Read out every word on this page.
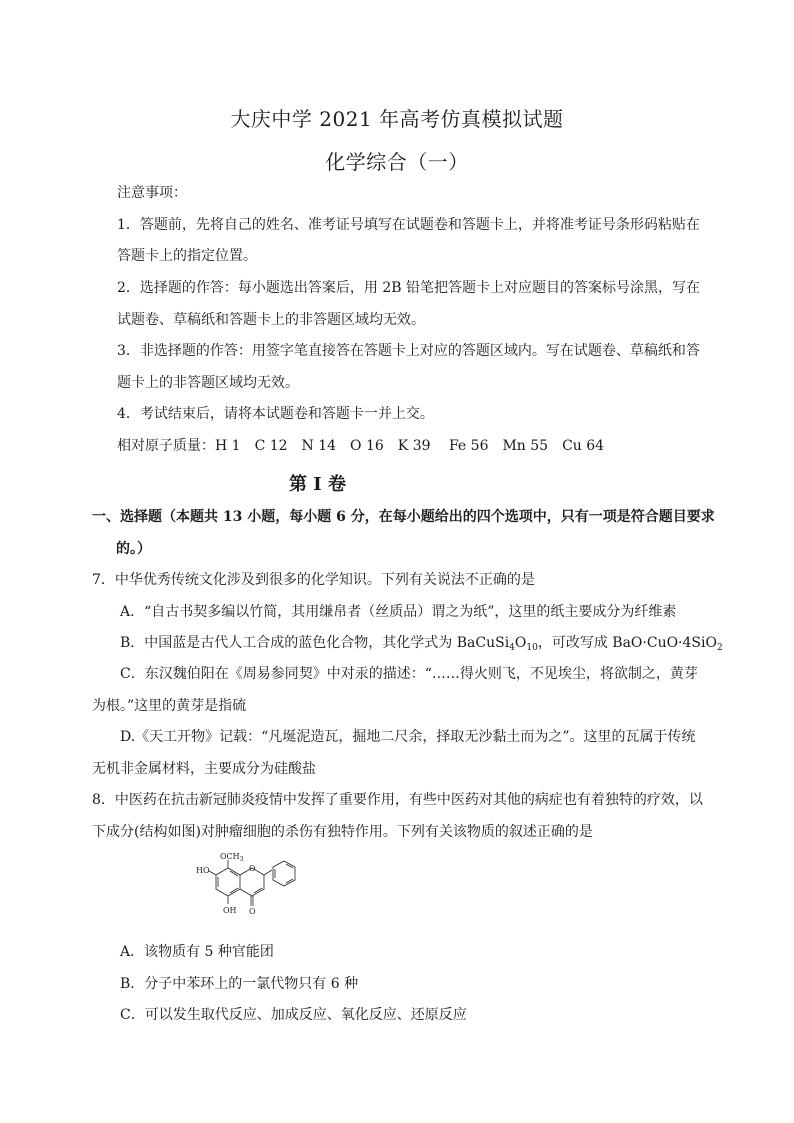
大庆中学 2021 年高考仿真模拟试题
化学综合（一）
注意事项：
1．答题前，先将自己的姓名、准考证号填写在试题卷和答题卡上，并将准考证号条形码粘贴在
答题卡上的指定位置。
2．选择题的作答：每小题选出答案后，用 2B 铅笔把答题卡上对应题目的答案标号涂黑，写在
试题卷、草稿纸和答题卡上的非答题区域均无效。
3．非选择题的作答：用签字笔直接答在答题卡上对应的答题区域内。写在试题卷、草稿纸和答
题卡上的非答题区域均无效。
4．考试结束后，请将本试题卷和答题卡一并上交。
相对原子质量：H 1　C 12　N 14　O 16　K 39　 Fe 56　Mn 55　Cu 64
第 I 卷
一、选择题（本题共 13 小题，每小题 6 分，在每小题给出的四个选项中，只有一项是符合题目要求
的。）
7．中华优秀传统文化涉及到很多的化学知识。下列有关说法不正确的是
A．“自古书契多编以竹简，其用缣帛者（丝质品）谓之为纸”，这里的纸主要成分为纤维素
B．中国蓝是古代人工合成的蓝色化合物，其化学式为 $BaCuSi_4O_{10}$，可改写成 BaO·CuO·4SiO$_2$
C．东汉魏伯阳在《周易参同契》中对汞的描述：“……得火则飞，不见埃尘，将欲制之，黄芽
为根。”这里的黄芽是指硫
D.《天工开物》记载：“凡埏泥造瓦，掘地二尺余，择取无沙黏土而为之”。这里的瓦属于传统
无机非金属材料，主要成分为硅酸盐
8．中医药在抗击新冠肺炎疫情中发挥了重要作用，有些中医药对其他的病症也有着独特的疗效，以
下成分(结构如图)对肿瘤细胞的杀伤有独特作用。下列有关该物质的叙述正确的是
$OCH_3$
HO
OH
O
O
A．该物质有 5 种官能团
B．分子中苯环上的一氯代物只有 6 种
C．可以发生取代反应、加成反应、氧化反应、还原反应
